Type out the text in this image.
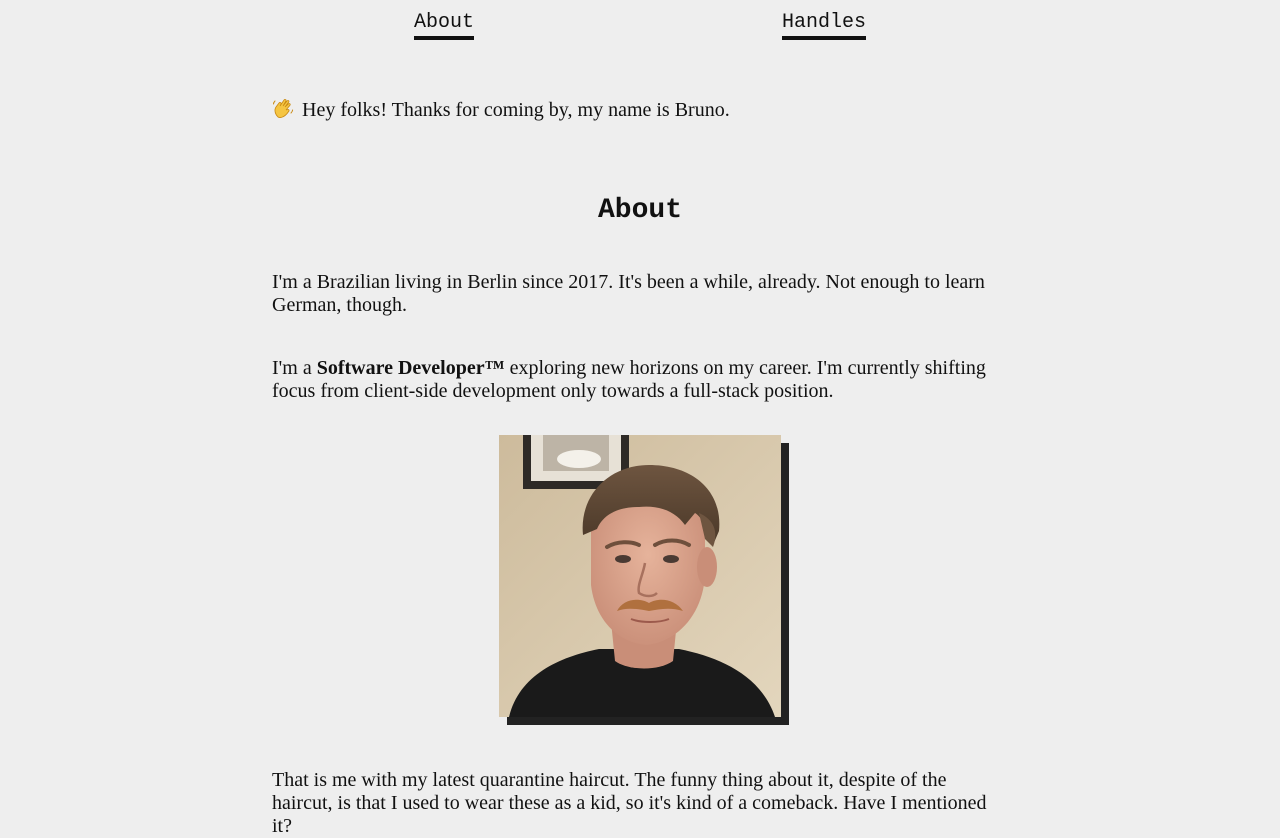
About	Handles

Hey folks! Thanks for coming by, my name is Bruno.

About

I'm a Brazilian living in Berlin since 2017. It's been a while, already. Not enough to learn German, though.

I'm a Software Developer™ exploring new horizons on my career. I'm currently shifting focus from client-side development only towards a full-stack position.

That is me with my latest quarantine haircut. The funny thing about it, despite of the haircut, is that I used to wear these as a kid, so it's kind of a comeback. Have I mentioned it?
